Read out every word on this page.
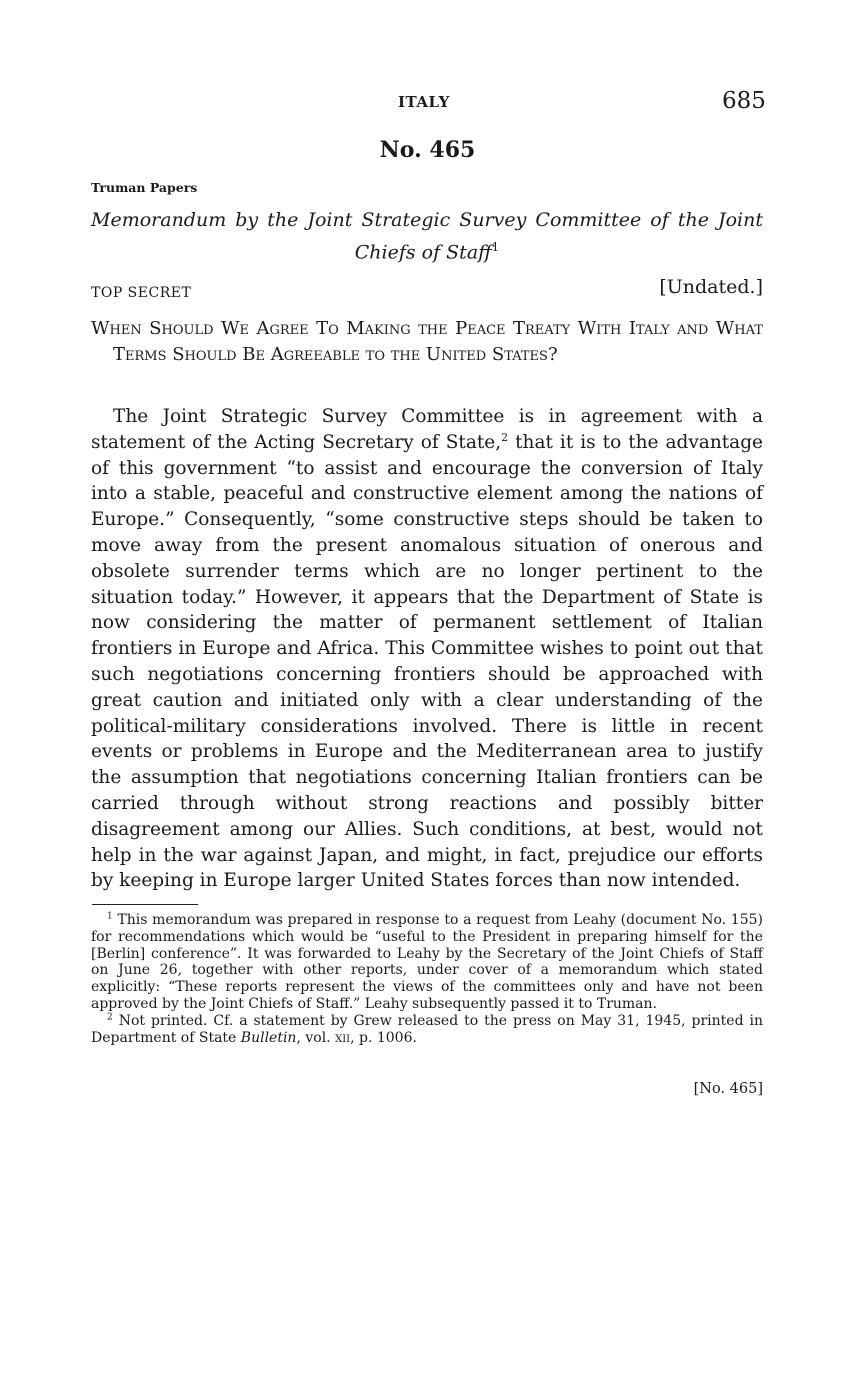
ITALY	685
No. 465
Truman Papers
Memorandum by the Joint Strategic Survey Committee of the Joint Chiefs of Staff$^1$
TOP SECRET	[Undated.]
When Should We Agree To Making the Peace Treaty With Italy and What Terms Should Be Agreeable to the United States?
The Joint Strategic Survey Committee is in agreement with a statement of the Acting Secretary of State,$^2$ that it is to the advantage of this government “to assist and encourage the conversion of Italy into a stable, peaceful and constructive element among the nations of Europe.” Consequently, “some constructive steps should be taken to move away from the present anomalous situation of onerous and obsolete surrender terms which are no longer pertinent to the situation today.” However, it appears that the Department of State is now considering the matter of permanent settlement of Italian frontiers in Europe and Africa. This Committee wishes to point out that such negotiations concerning frontiers should be approached with great caution and initiated only with a clear understanding of the political-military considerations involved. There is little in recent events or problems in Europe and the Mediterranean area to justify the assumption that negotiations concerning Italian frontiers can be carried through without strong reactions and possibly bitter disagreement among our Allies. Such conditions, at best, would not help in the war against Japan, and might, in fact, prejudice our efforts by keeping in Europe larger United States forces than now intended.

$^1$ This memorandum was prepared in response to a request from Leahy (document No. 155) for recommendations which would be “useful to the President in preparing himself for the [Berlin] conference”. It was forwarded to Leahy by the Secretary of the Joint Chiefs of Staff on June 26, together with other reports, under cover of a memorandum which stated explicitly: “These reports represent the views of the committees only and have not been approved by the Joint Chiefs of Staff.” Leahy subsequently passed it to Truman.

$^2$ Not printed. Cf. a statement by Grew released to the press on May 31, 1945, printed in Department of State Bulletin, vol. xii, p. 1006.

[No. 465]
